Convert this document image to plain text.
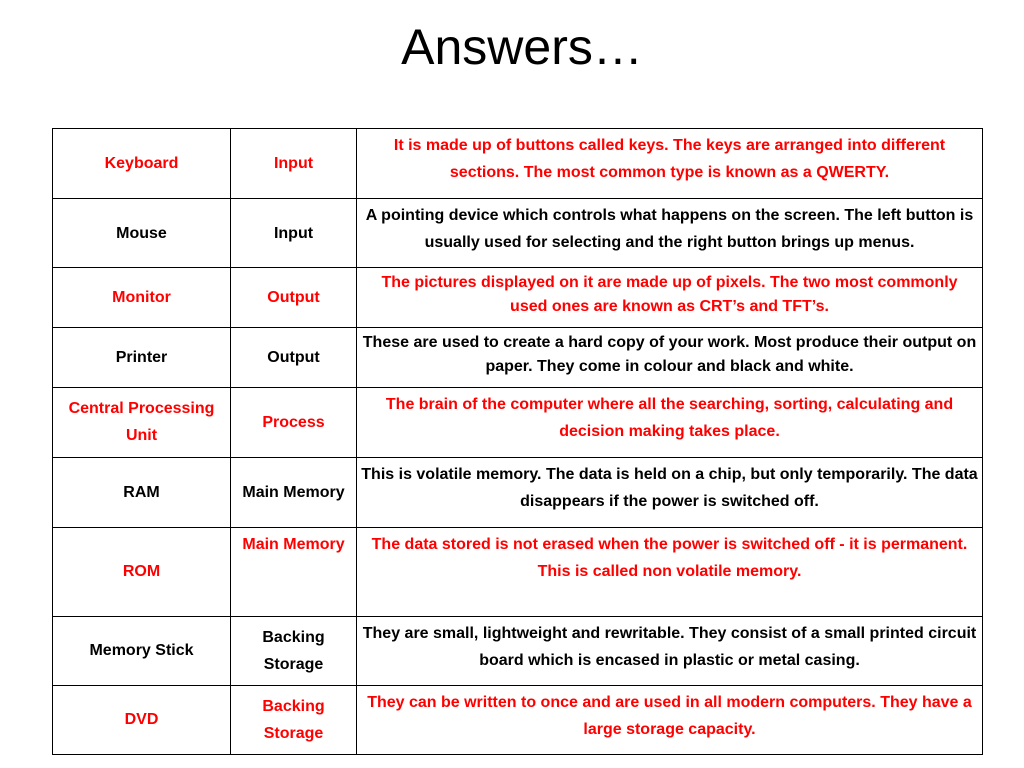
Answers…
Keyboard	Input	It is made up of buttons called keys. The keys are arranged into different sections. The most common type is known as a QWERTY.
Mouse	Input	A pointing device which controls what happens on the screen. The left button is usually used for selecting and the right button brings up menus.
Monitor	Output	The pictures displayed on it are made up of pixels. The two most commonly used ones are known as CRT’s and TFT’s.
Printer	Output	These are used to create a hard copy of your work. Most produce their output on paper. They come in colour and black and white.
Central Processing Unit	Process	The brain of the computer where all the searching, sorting, calculating and decision making takes place.
RAM	Main Memory	This is volatile memory. The data is held on a chip, but only temporarily. The data disappears if the power is switched off.
ROM	Main Memory	The data stored is not erased when the power is switched off - it is permanent. This is called non volatile memory.
Memory Stick	Backing Storage	They are small, lightweight and rewritable. They consist of a small printed circuit board which is encased in plastic or metal casing.
DVD	Backing Storage	They can be written to once and are used in all modern computers. They have a large storage capacity.
